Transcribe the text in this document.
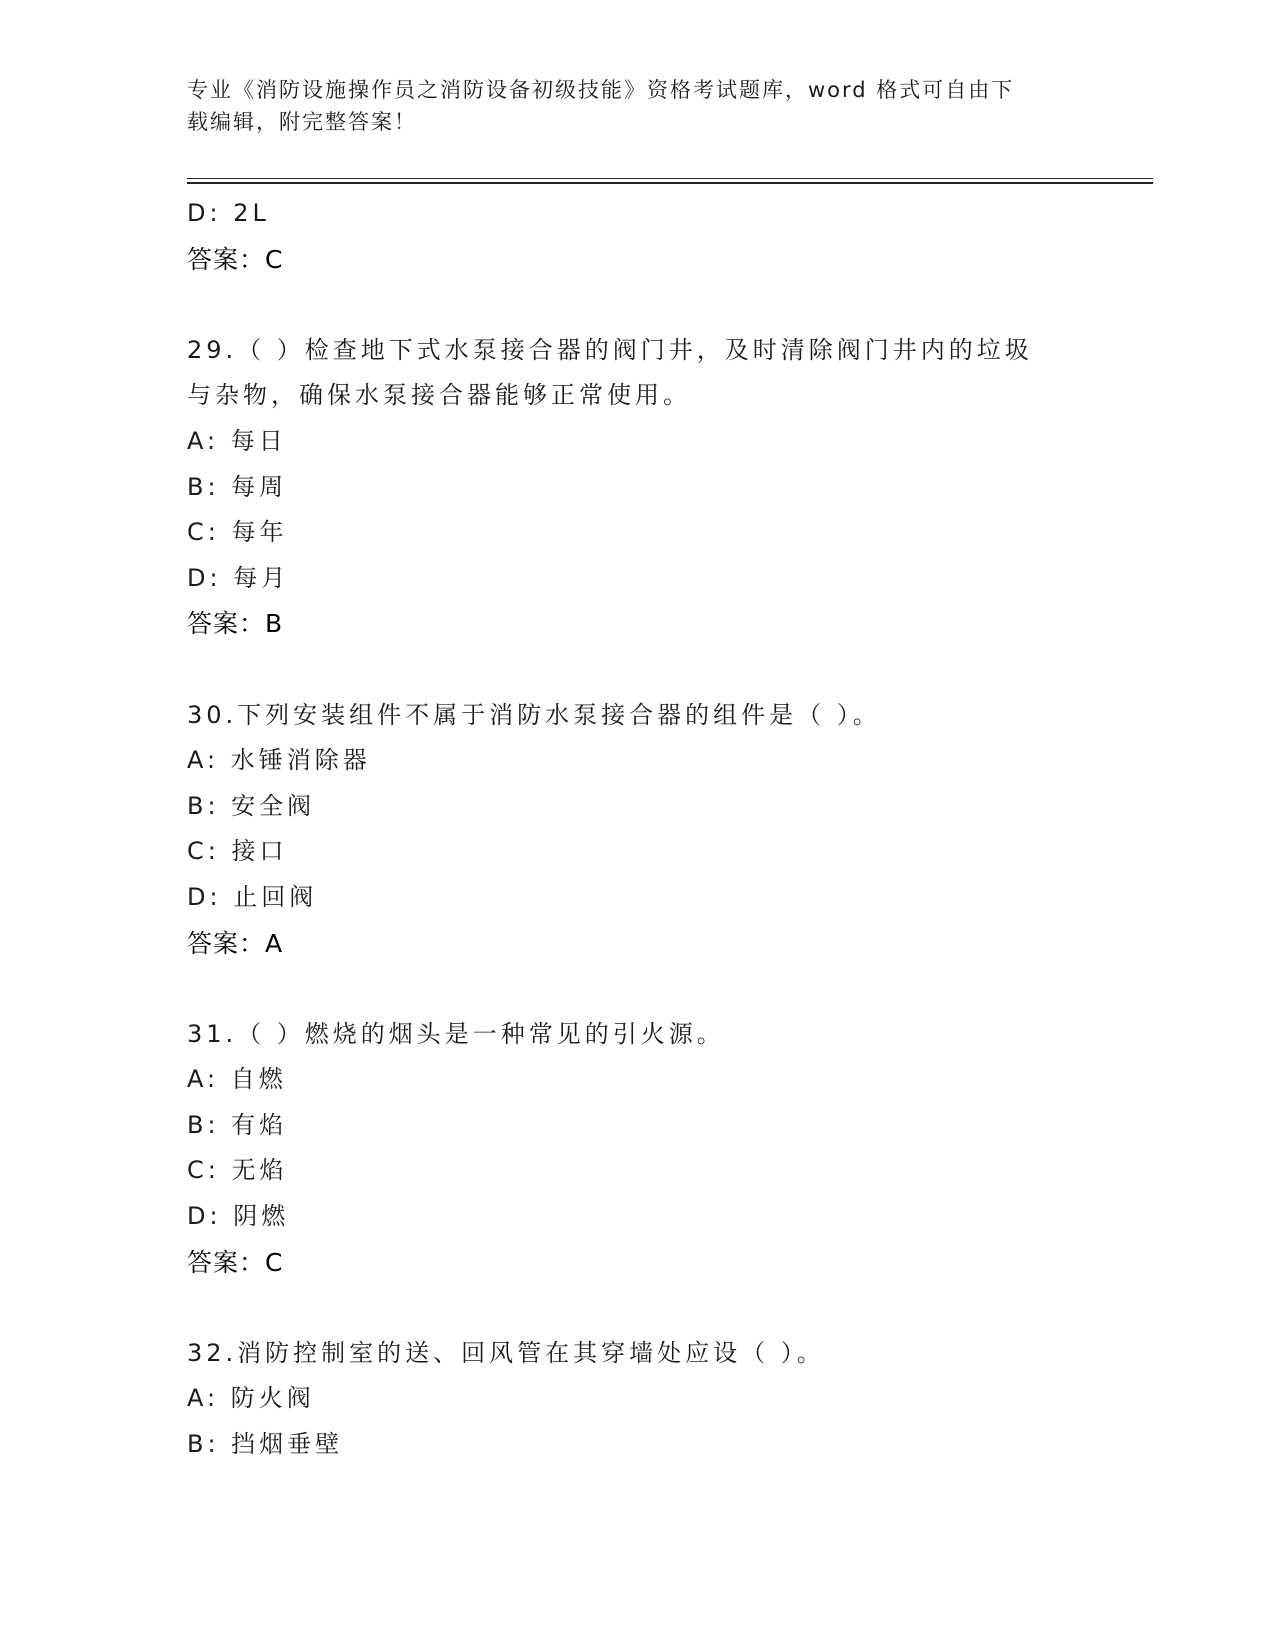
专业《消防设施操作员之消防设备初级技能》资格考试题库，word 格式可自由下
载编辑，附完整答案！
D: 2L
答案：C
29.（ ）检查地下式水泵接合器的阀门井，及时清除阀门井内的垃圾
与杂物，确保水泵接合器能够正常使用。
A: 每日
B: 每周
C: 每年
D: 每月
答案：B
30.下列安装组件不属于消防水泵接合器的组件是（ ）。
A: 水锤消除器
B: 安全阀
C: 接口
D: 止回阀
答案：A
31.（ ）燃烧的烟头是一种常见的引火源。
A: 自燃
B: 有焰
C: 无焰
D: 阴燃
答案：C
32.消防控制室的送、回风管在其穿墙处应设（ ）。
A: 防火阀
B: 挡烟垂壁
